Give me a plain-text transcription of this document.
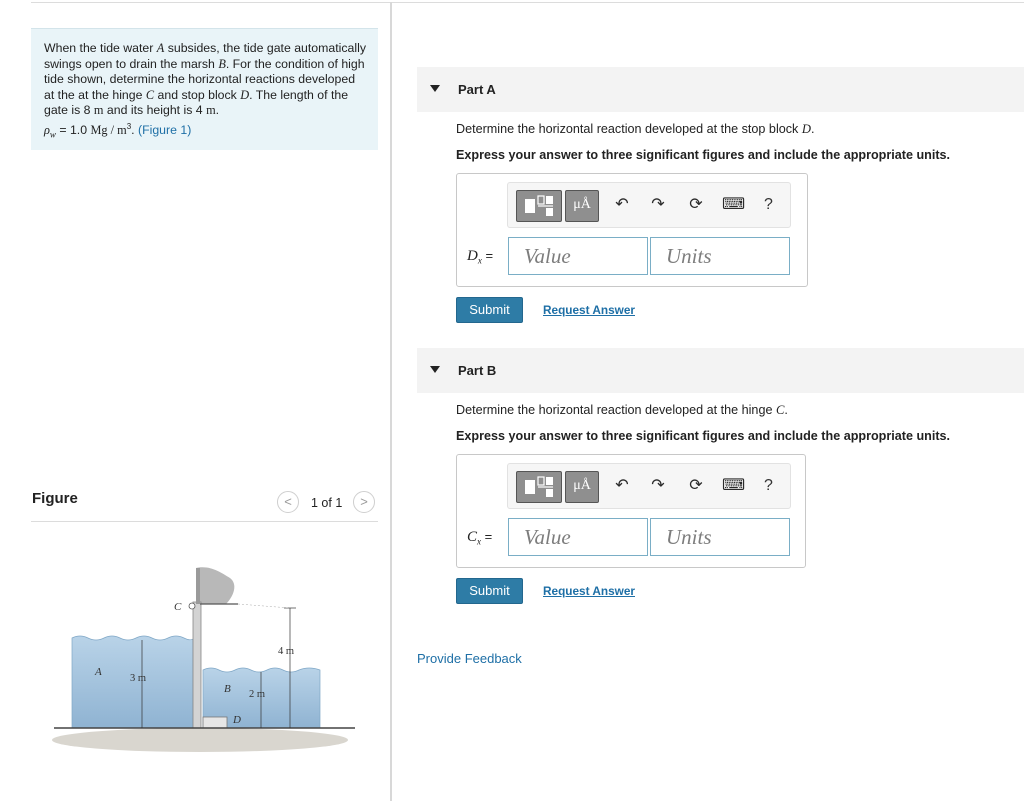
When the tide water A subsides, the tide gate automatically swings open to drain the marsh B. For the condition of high tide shown, determine the horizontal reactions developed at the at the hinge C and stop block D. The length of the gate is 8 m and its height is 4 m.
$\rho_w = 1.0$ Mg / $m^3$. (Figure 1)
Figure	<	1 of 1	>
C
A
B
D
3 m
2 m
4 m
Part A
Determine the horizontal reaction developed at the stop block D.
Express your answer to three significant figures and include the appropriate units.
μÅ	↶ ↷ ⟳ ⌨ ?
$D_x$ =	Value	Units
Submit	Request Answer
Part B
Determine the horizontal reaction developed at the hinge C.
Express your answer to three significant figures and include the appropriate units.
μÅ	↶ ↷ ⟳ ⌨ ?
$C_x$ =	Value	Units
Submit	Request Answer
Provide Feedback
